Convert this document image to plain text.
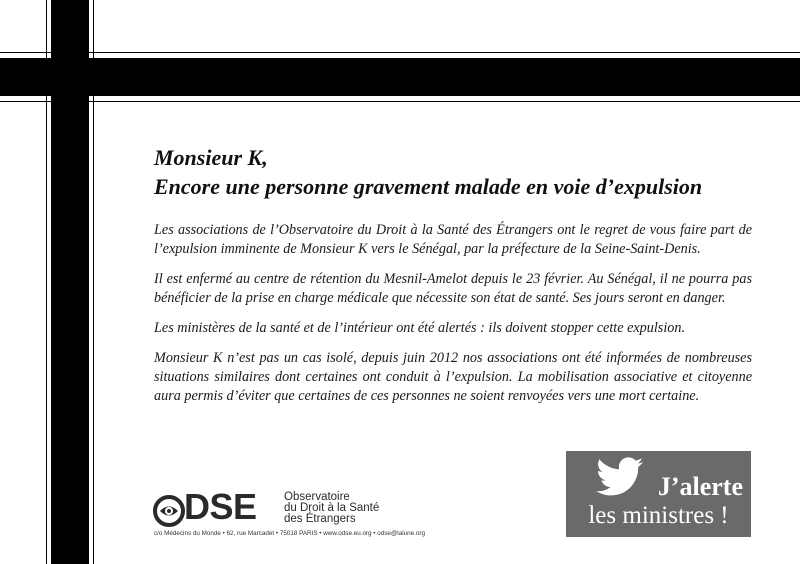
Monsieur K,
Encore une personne gravement malade en voie d’expulsion

Les associations de l’Observatoire du Droit à la Santé des Étrangers ont le regret de vous faire part de l’expulsion imminente de Monsieur K vers le Sénégal, par la préfecture de la Seine-Saint-Denis.

Il est enfermé au centre de rétention du Mesnil-Amelot depuis le 23 février. Au Sénégal, il ne pourra pas bénéficier de la prise en charge médicale que nécessite son état de santé. Ses jours seront en danger.

Les ministères de la santé et de l’intérieur ont été alertés : ils doivent stopper cette expulsion.

Monsieur K n’est pas un cas isolé, depuis juin 2012 nos associations ont été informées de nombreuses situations similaires dont certaines ont conduit à l’expulsion. La mobilisation associative et citoyenne aura permis d’éviter que certaines de ces personnes ne soient renvoyées vers une mort certaine.

DSE Observatoire
du Droit à la Santé
des Étrangers
c/o Médecins du Monde • 62, rue Marcadet • 75018 PARIS • www.odse.eu.org • odse@lalune.org
J’alerte
les ministres !
